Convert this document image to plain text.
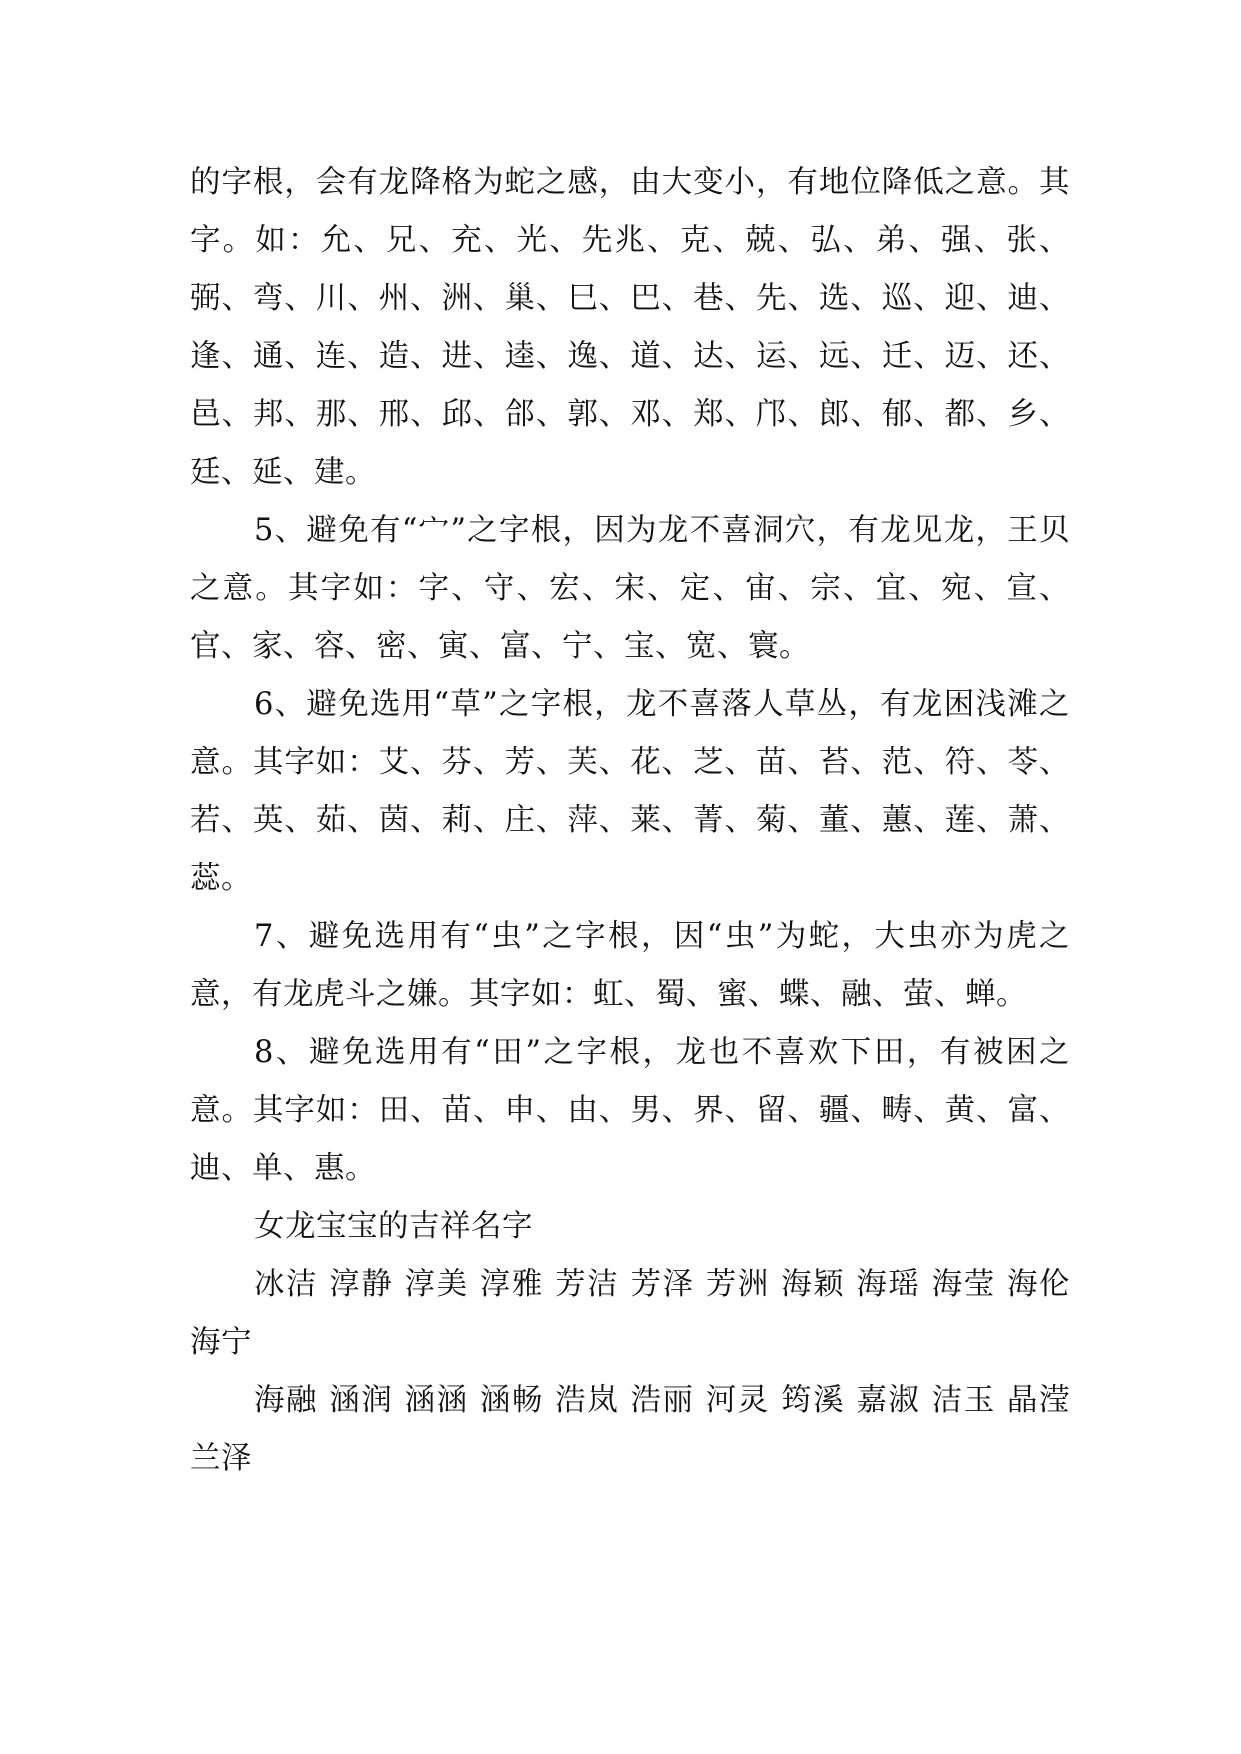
的字根，会有龙降格为蛇之感，由大变小，有地位降低之意。其字。如：允、兄、充、光、先兆、克、兢、弘、弟、强、张、弼、弯、川、州、洲、巢、巳、巴、巷、先、选、巡、迎、迪、逢、通、连、造、进、逵、逸、道、达、运、远、迁、迈、还、邑、邦、那、邢、邱、郃、郭、邓、郑、邝、郎、郁、都、乡、廷、延、建。

5、避免有“宀”之字根，因为龙不喜洞穴，有龙见龙，王贝之意。其字如：字、守、宏、宋、定、宙、宗、宜、宛、宣、官、家、容、密、寅、富、宁、宝、宽、寰。

6、避免选用“草”之字根，龙不喜落人草丛，有龙困浅滩之意。其字如：艾、芬、芳、芙、花、芝、苗、苔、范、符、苓、若、英、茹、茵、莉、庄、萍、莱、菁、菊、董、蕙、莲、萧、蕊。

7、避免选用有“虫”之字根，因“虫”为蛇，大虫亦为虎之意，有龙虎斗之嫌。其字如：虹、蜀、蜜、蝶、融、萤、蝉。

8、避免选用有“田”之字根，龙也不喜欢下田，有被困之意。其字如：田、苗、申、由、男、界、留、疆、畴、黄、富、迪、单、惠。

女龙宝宝的吉祥名字

冰洁 淳静 淳美 淳雅 芳洁 芳泽 芳洲 海颖 海瑶 海莹 海伦 海宁

海融 涵润 涵涵 涵畅 浩岚 浩丽 河灵 筠溪 嘉淑 洁玉 晶滢 兰泽
